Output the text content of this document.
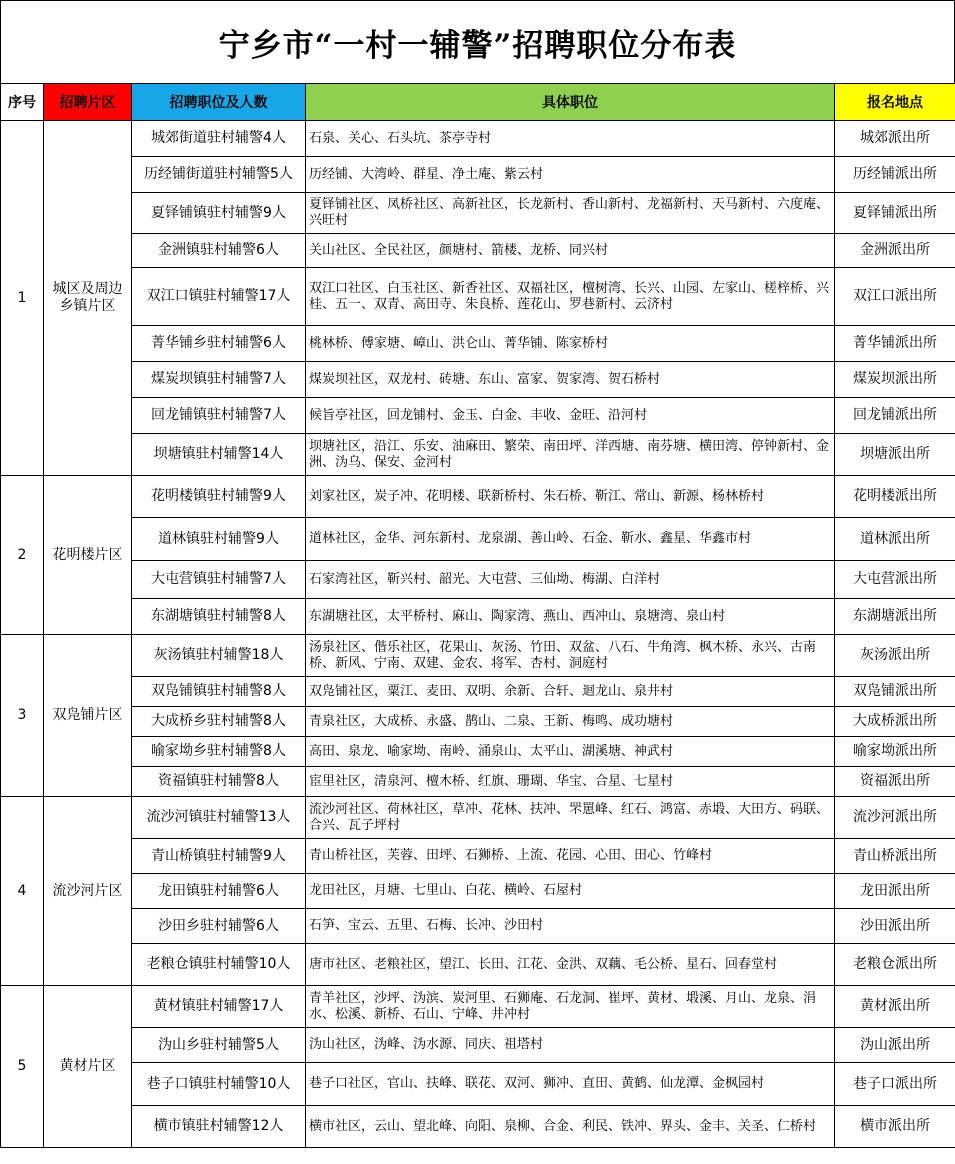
宁乡市“一村一辅警”招聘职位分布表
序号	招聘片区	招聘职位及人数	具体职位	报名地点
1	城区及周边乡镇片区	城郊街道驻村辅警4人	石泉、关心、石头坑、茶亭寺村	城郊派出所
		历经铺街道驻村辅警5人	历经铺、大湾岭、群星、净土庵、紫云村	历经铺派出所
		夏铎铺镇驻村辅警9人	夏铎铺社区、凤桥社区、高新社区，长龙新村、香山新村、龙福新村、天马新村、六度庵、兴旺村	夏铎铺派出所
		金洲镇驻村辅警6人	关山社区、全民社区，颜塘村、箭楼、龙桥、同兴村	金洲派出所
		双江口镇驻村辅警17人	双江口社区、白玉社区、新香社区、双福社区，檀树湾、长兴、山园、左家山、槎梓桥、兴桂、五一、双青、高田寺、朱良桥、莲花山、罗巷新村、云济村	双江口派出所
		菁华铺乡驻村辅警6人	桃林桥、傅家塘、嶂山、洪仑山、菁华铺、陈家桥村	菁华铺派出所
		煤炭坝镇驻村辅警7人	煤炭坝社区，双龙村、砖塘、东山、富家、贺家湾、贺石桥村	煤炭坝派出所
		回龙铺镇驻村辅警7人	候旨亭社区，回龙铺村、金玉、白金、丰收、金旺、沿河村	回龙铺派出所
		坝塘镇驻村辅警14人	坝塘社区，沿江、乐安、油麻田、繁荣、南田坪、洋西塘、南芬塘、横田湾、停钟新村、金洲、沩乌、保安、金河村	坝塘派出所
2	花明楼片区	花明楼镇驻村辅警9人	刘家社区，炭子冲、花明楼、联新桥村、朱石桥、靳江、常山、新源、杨林桥村	花明楼派出所
		道林镇驻村辅警9人	道林社区，金华、河东新村、龙泉湖、善山岭、石金、靳水、鑫星、华鑫市村	道林派出所
		大屯营镇驻村辅警7人	石家湾社区，靳兴村、韶光、大屯营、三仙坳、梅湖、白洋村	大屯营派出所
		东湖塘镇驻村辅警8人	东湖塘社区，太平桥村、麻山、陶家湾、燕山、西冲山、泉塘湾、泉山村	东湖塘派出所
3	双凫铺片区	灰汤镇驻村辅警18人	汤泉社区、偕乐社区，花果山、灰汤、竹田、双盆、八石、牛角湾、枫木桥、永兴、古南桥、新风、宁南、双建、金农、将军、杏村、洞庭村	灰汤派出所
		双凫铺镇驻村辅警8人	双凫铺社区，粟江、麦田、双明、余新、合轩、迴龙山、泉井村	双凫铺派出所
		大成桥乡驻村辅警8人	青泉社区，大成桥、永盛、鹊山、二泉、王新、梅鸣、成功塘村	大成桥派出所
		喻家坳乡驻村辅警8人	高田、泉龙、喻家坳、南岭、涌泉山、太平山、湖溪塘、神武村	喻家坳派出所
		资福镇驻村辅警8人	宦里社区，清泉河、檀木桥、红旗、珊瑚、华宝、合星、七星村	资福派出所
4	流沙河片区	流沙河镇驻村辅警13人	流沙河社区、荷林社区，草冲、花林、扶冲、罘罳峰、红石、鸿富、赤塅、大田方、码联、合兴、瓦子坪村	流沙河派出所
		青山桥镇驻村辅警9人	青山桥社区，芙蓉、田坪、石狮桥、上流、花园、心田、田心、竹峰村	青山桥派出所
		龙田镇驻村辅警6人	龙田社区，月塘、七里山、白花、横岭、石屋村	龙田派出所
		沙田乡驻村辅警6人	石笋、宝云、五里、石梅、长冲、沙田村	沙田派出所
		老粮仓镇驻村辅警10人	唐市社区、老粮社区，望江、长田、江花、金洪、双藕、毛公桥、星石、回春堂村	老粮仓派出所
5	黄材片区	黄材镇驻村辅警17人	青羊社区，沙坪、沩滨、炭河里、石狮庵、石龙洞、崔坪、黄材、塅溪、月山、龙泉、涓水、松溪、新桥、石山、宁峰、井冲村	黄材派出所
		沩山乡驻村辅警5人	沩山社区，沩峰、沩水源、同庆、祖塔村	沩山派出所
		巷子口镇驻村辅警10人	巷子口社区，官山、扶峰、联花、双河、狮冲、直田、黄鹤、仙龙潭、金枫园村	巷子口派出所
		横市镇驻村辅警12人	横市社区，云山、望北峰、向阳、泉柳、合金、利民、铁冲、界头、金丰、关圣、仁桥村	横市派出所
